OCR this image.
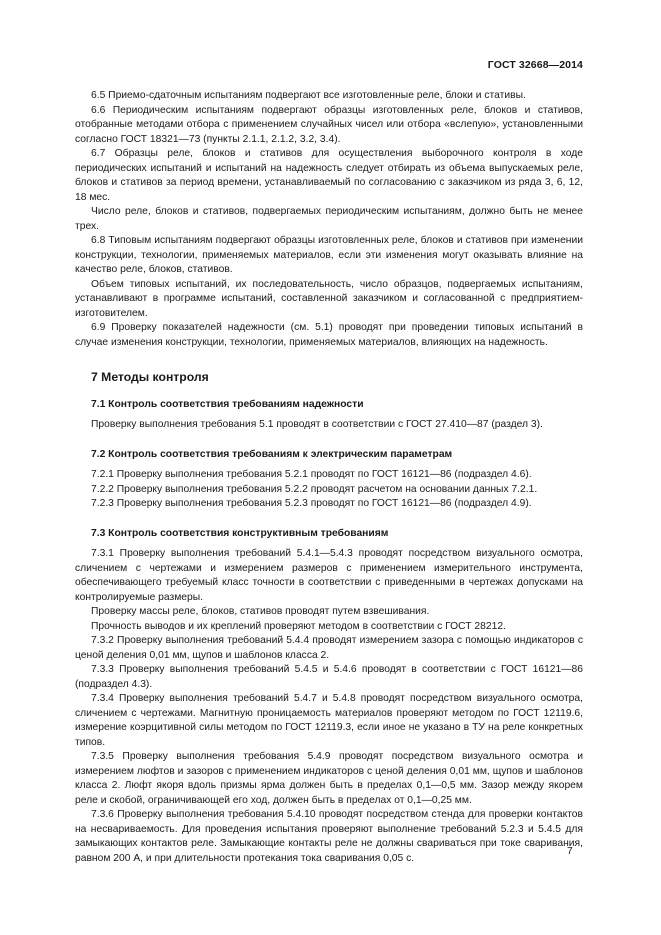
ГОСТ 32668—2014

6.5 Приемо-сдаточным испытаниям подвергают все изготовленные реле, блоки и стативы.

6.6 Периодическим испытаниям подвергают образцы изготовленных реле, блоков и стативов, отобранные методами отбора с применением случайных чисел или отбора «вслепую», установленными согласно ГОСТ 18321—73 (пункты 2.1.1, 2.1.2, 3.2, 3.4).

6.7 Образцы реле, блоков и стативов для осуществления выборочного контроля в ходе периодических испытаний и испытаний на надежность следует отбирать из объема выпускаемых реле, блоков и стативов за период времени, устанавливаемый по согласованию с заказчиком из ряда 3, 6, 12, 18 мес.

Число реле, блоков и стативов, подвергаемых периодическим испытаниям, должно быть не менее трех.

6.8 Типовым испытаниям подвергают образцы изготовленных реле, блоков и стативов при изменении конструкции, технологии, применяемых материалов, если эти изменения могут оказывать влияние на качество реле, блоков, стативов.

Объем типовых испытаний, их последовательность, число образцов, подвергаемых испытаниям, устанавливают в программе испытаний, составленной заказчиком и согласованной с предприятием-изготовителем.

6.9 Проверку показателей надежности (см. 5.1) проводят при проведении типовых испытаний в случае изменения конструкции, технологии, применяемых материалов, влияющих на надежность.

7 Методы контроля
7.1 Контроль соответствия требованиям надежности

Проверку выполнения требования 5.1 проводят в соответствии с ГОСТ 27.410—87 (раздел 3).

7.2 Контроль соответствия требованиям к электрическим параметрам

7.2.1 Проверку выполнения требования 5.2.1 проводят по ГОСТ 16121—86 (подраздел 4.6).

7.2.2 Проверку выполнения требования 5.2.2 проводят расчетом на основании данных 7.2.1.

7.2.3 Проверку выполнения требования 5.2.3 проводят по ГОСТ 16121—86 (подраздел 4.9).

7.3 Контроль соответствия конструктивным требованиям

7.3.1 Проверку выполнения требований 5.4.1—5.4.3 проводят посредством визуального осмотра, сличением с чертежами и измерением размеров с применением измерительного инструмента, обеспечивающего требуемый класс точности в соответствии с приведенными в чертежах допусками на контролируемые размеры.

Проверку массы реле, блоков, стативов проводят путем взвешивания.

Прочность выводов и их креплений проверяют методом в соответствии с ГОСТ 28212.

7.3.2 Проверку выполнения требований 5.4.4 проводят измерением зазора с помощью индикаторов с ценой деления 0,01 мм, щупов и шаблонов класса 2.

7.3.3 Проверку выполнения требований 5.4.5 и 5.4.6 проводят в соответствии с ГОСТ 16121—86 (подраздел 4.3).

7.3.4 Проверку выполнения требований 5.4.7 и 5.4.8 проводят посредством визуального осмотра, сличением с чертежами. Магнитную проницаемость материалов проверяют методом по ГОСТ 12119.6, измерение коэрцитивной силы методом по ГОСТ 12119.3, если иное не указано в ТУ на реле конкретных типов.

7.3.5 Проверку выполнения требования 5.4.9 проводят посредством визуального осмотра и измерением люфтов и зазоров с применением индикаторов с ценой деления 0,01 мм, щупов и шаблонов класса 2. Люфт якоря вдоль призмы ярма должен быть в пределах 0,1—0,5 мм. Зазор между якорем реле и скобой, ограничивающей его ход, должен быть в пределах от 0,1—0,25 мм.

7.3.6 Проверку выполнения требования 5.4.10 проводят посредством стенда для проверки контактов на несвариваемость. Для проведения испытания проверяют выполнение требований 5.2.3 и 5.4.5 для замыкающих контактов реле. Замыкающие контакты реле не должны свариваться при токе сваривания, равном 200 А, и при длительности протекания тока сваривания 0,05 с.

7
